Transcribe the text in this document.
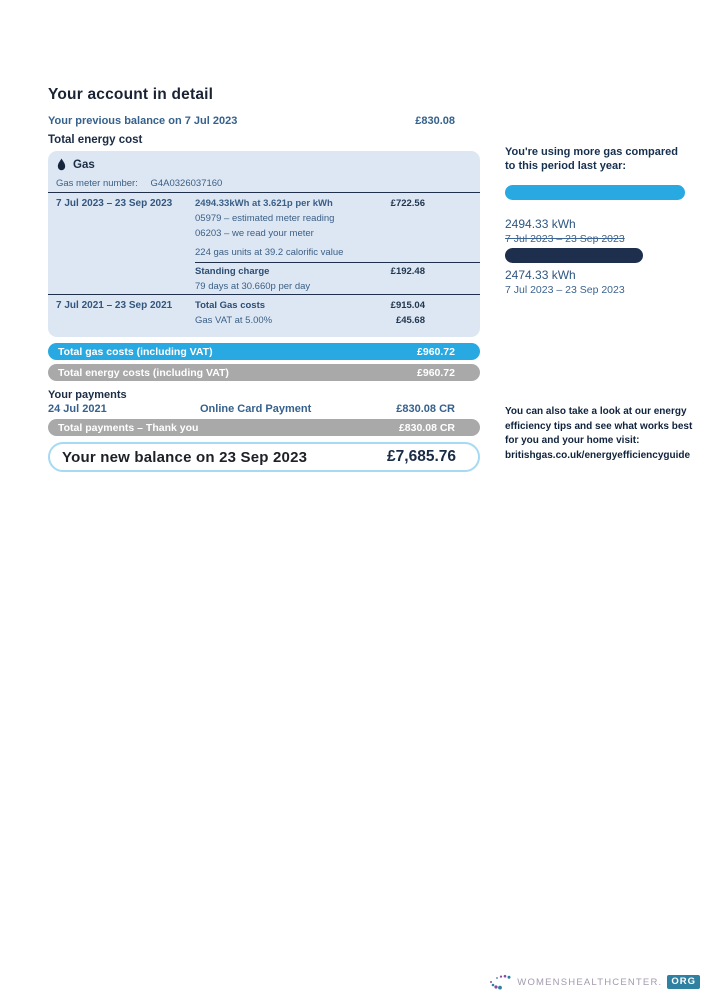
Your account in detail
Your previous balance on 7 Jul 2023	£830.08
Total energy cost
Gas
Gas meter number: G4A0326037160
7 Jul 2023 – 23 Sep 2023	2494.33kWh at 3.621p per kWh	£722.56
05979 – estimated meter reading
06203 – we read your meter
224 gas units at 39.2 calorific value
Standing charge	£192.48
79 days at 30.660p per day
7 Jul 2021 – 23 Sep 2021	Total Gas costs	£915.04
Gas VAT at 5.00%	£45.68
Total gas costs (including VAT)	£960.72
Total energy costs (including VAT)	£960.72
Your payments
24 Jul 2021	Online Card Payment	£830.08 CR
Total payments – Thank you	£830.08 CR
Your new balance on 23 Sep 2023	£7,685.76
You're using more gas compared to this period last year:
2494.33 kWh
7 Jul 2023 – 23 Sep 2023
2474.33 kWh
7 Jul 2023 – 23 Sep 2023
You can also take a look at our energy efficiency tips and see what works best for you and your home visit: britishgas.co.uk/energyefficiencyguide
WOMENSHEALTHCENTER. ORG
